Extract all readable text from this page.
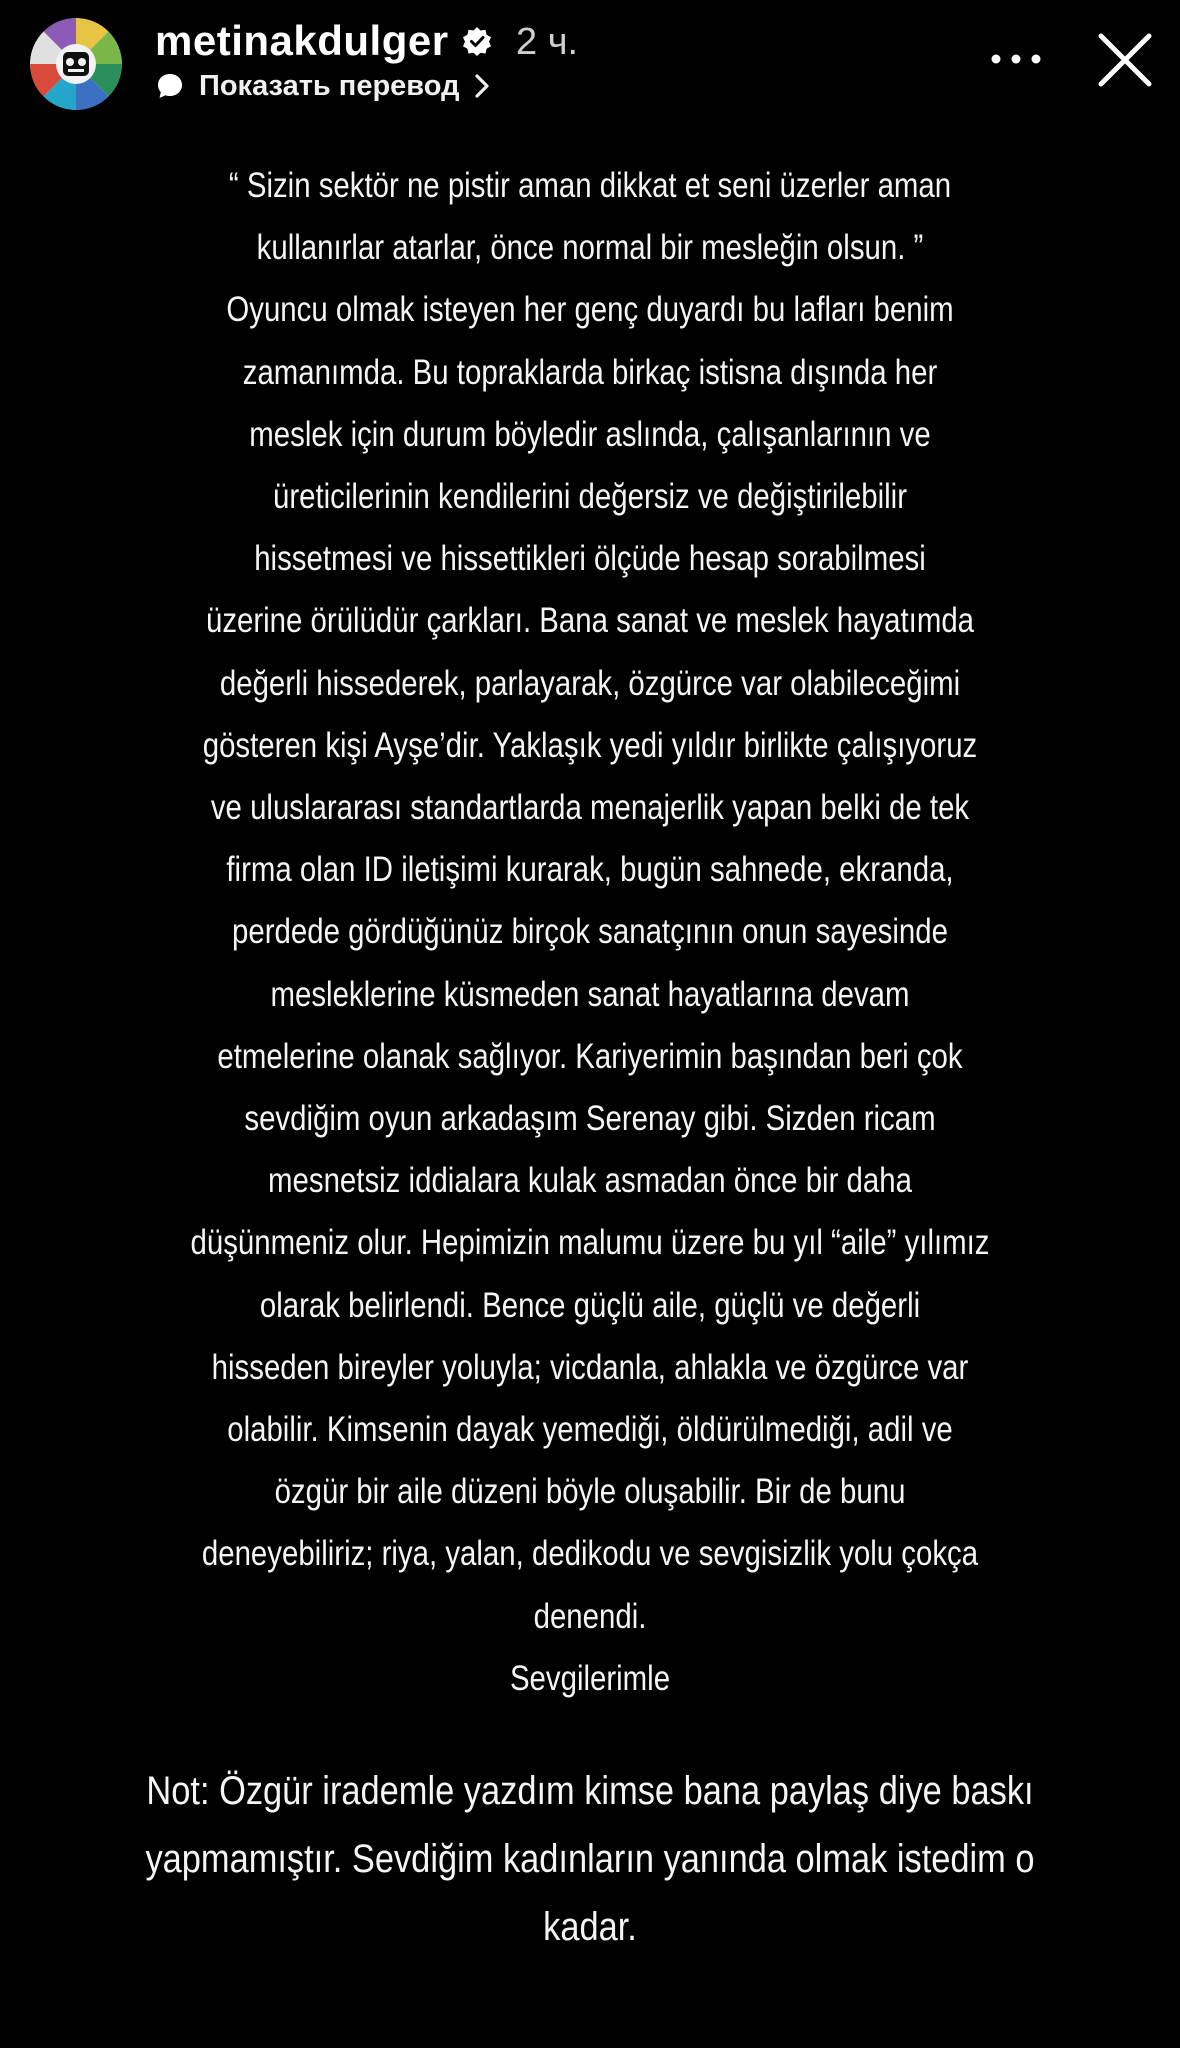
metinakdulger 2 ч.
Показать перевод
“ Sizin sektör ne pistir aman dikkat et seni üzerler aman
kullanırlar atarlar, önce normal bir mesleğin olsun. ”
Oyuncu olmak isteyen her genç duyardı bu lafları benim
zamanımda. Bu topraklarda birkaç istisna dışında her
meslek için durum böyledir aslında, çalışanlarının ve
üreticilerinin kendilerini değersiz ve değiştirilebilir
hissetmesi ve hissettikleri ölçüde hesap sorabilmesi
üzerine örülüdür çarkları. Bana sanat ve meslek hayatımda
değerli hissederek, parlayarak, özgürce var olabileceğimi
gösteren kişi Ayşe’dir. Yaklaşık yedi yıldır birlikte çalışıyoruz
ve uluslararası standartlarda menajerlik yapan belki de tek
firma olan ID iletişimi kurarak, bugün sahnede, ekranda,
perdede gördüğünüz birçok sanatçının onun sayesinde
mesleklerine küsmeden sanat hayatlarına devam
etmelerine olanak sağlıyor. Kariyerimin başından beri çok
sevdiğim oyun arkadaşım Serenay gibi. Sizden ricam
mesnetsiz iddialara kulak asmadan önce bir daha
düşünmeniz olur. Hepimizin malumu üzere bu yıl “aile” yılımız
olarak belirlendi. Bence güçlü aile, güçlü ve değerli
hisseden bireyler yoluyla; vicdanla, ahlakla ve özgürce var
olabilir. Kimsenin dayak yemediği, öldürülmediği, adil ve
özgür bir aile düzeni böyle oluşabilir. Bir de bunu
deneyebiliriz; riya, yalan, dedikodu ve sevgisizlik yolu çokça
denendi.
Sevgilerimle
Not: Özgür irademle yazdım kimse bana paylaş diye baskı
yapmamıştır. Sevdiğim kadınların yanında olmak istedim o
kadar.
